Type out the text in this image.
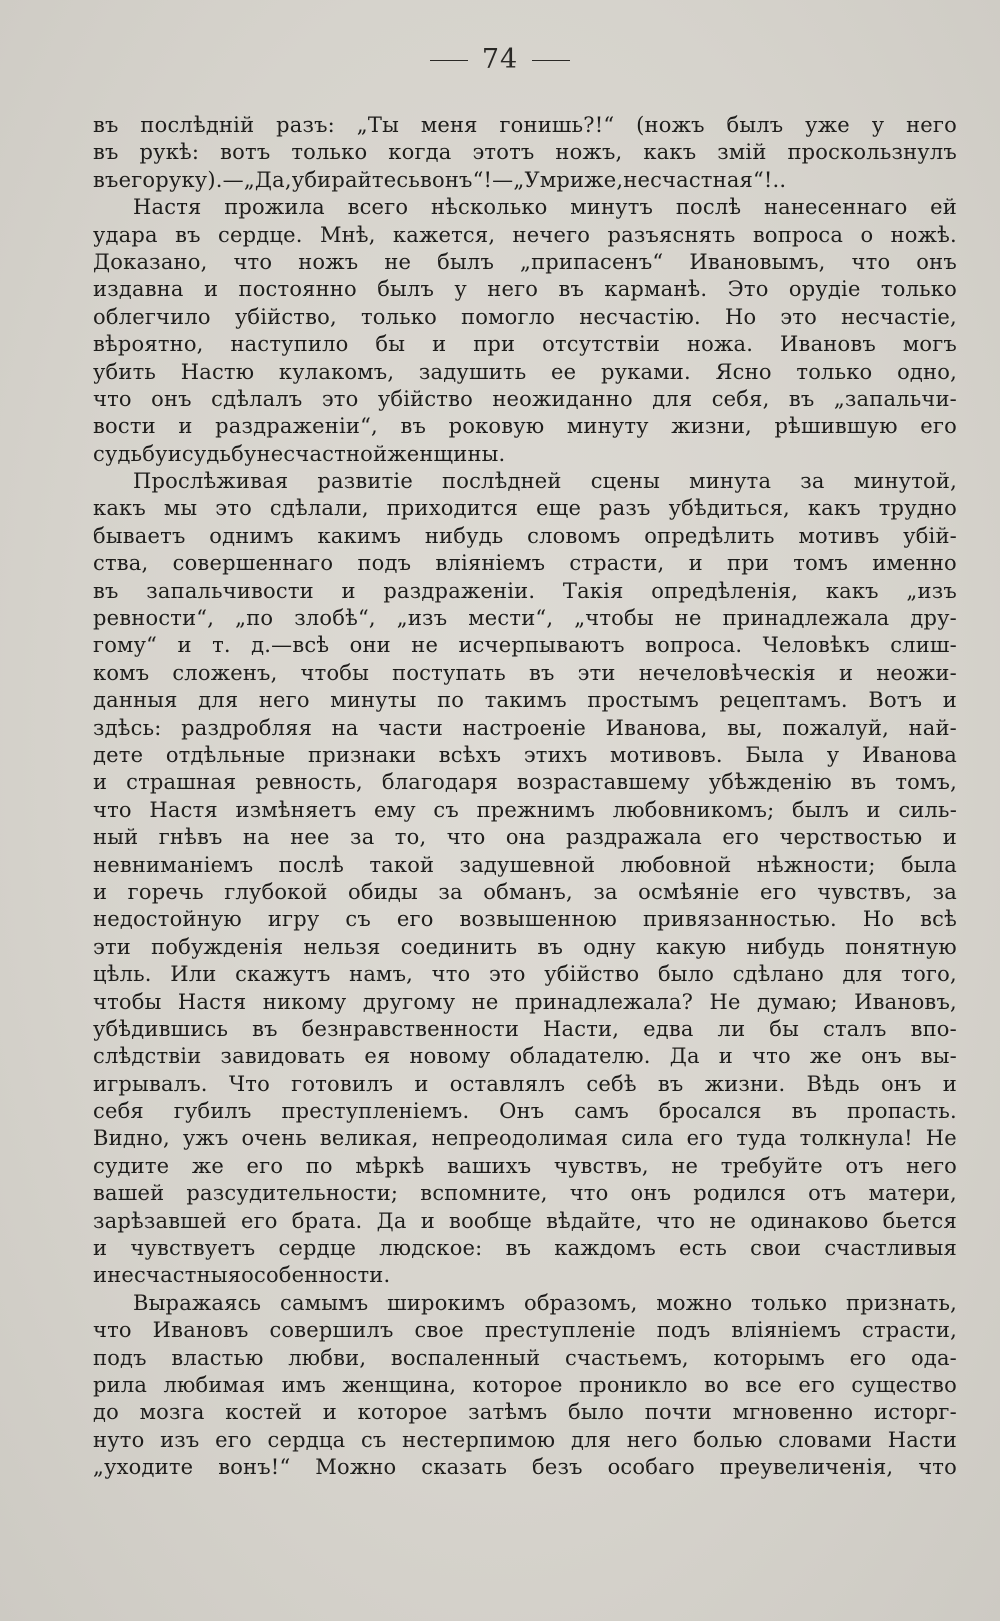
74
въ послѣдній разъ: „Ты меня гонишь?!“ (ножъ былъ уже у него
въ рукѣ: вотъ только когда этотъ ножъ, какъ змій проскользнулъ
въ его руку).—„Да, убирайтесь вонъ“!—„Умри же, несчастная“!..
Настя прожила всего нѣсколько минутъ послѣ нанесеннаго ей
удара въ сердце. Мнѣ, кажется, нечего разъяснять вопроса о ножѣ.
Доказано, что ножъ не былъ „припасенъ“ Ивановымъ, что онъ
издавна и постоянно былъ у него въ карманѣ. Это орудіе только
облегчило убійство, только помогло несчастію. Но это несчастіе,
вѣроятно, наступило бы и при отсутствіи ножа. Ивановъ могъ
убить Настю кулакомъ, задушить ее руками. Ясно только одно,
что онъ сдѣлалъ это убійство неожиданно для себя, въ „запальчи-
вости и раздраженіи“, въ роковую минуту жизни, рѣшившую его
судьбу и судьбу несчастной женщины.
Прослѣживая развитіе послѣдней сцены минута за минутой,
какъ мы это сдѣлали, приходится еще разъ убѣдиться, какъ трудно
бываетъ однимъ какимъ нибудь словомъ опредѣлить мотивъ убій-
ства, совершеннаго подъ вліяніемъ страсти, и при томъ именно
въ запальчивости и раздраженіи. Такія опредѣленія, какъ „изъ
ревности“, „по злобѣ“, „изъ мести“, „чтобы не принадлежала дру-
гому“ и т. д.—всѣ они не исчерпываютъ вопроса. Человѣкъ слиш-
комъ сложенъ, чтобы поступать въ эти нечеловѣческія и неожи-
данныя для него минуты по такимъ простымъ рецептамъ. Вотъ и
здѣсь: раздробляя на части настроеніе Иванова, вы, пожалуй, най-
дете отдѣльные признаки всѣхъ этихъ мотивовъ. Была у Иванова
и страшная ревность, благодаря возраставшему убѣжденію въ томъ,
что Настя измѣняетъ ему съ прежнимъ любовникомъ; былъ и силь-
ный гнѣвъ на нее за то, что она раздражала его черствостью и
невниманіемъ послѣ такой задушевной любовной нѣжности; была
и горечь глубокой обиды за обманъ, за осмѣяніе его чувствъ, за
недостойную игру съ его возвышенною привязанностью. Но всѣ
эти побужденія нельзя соединить въ одну какую нибудь понятную
цѣль. Или скажутъ намъ, что это убійство было сдѣлано для того,
чтобы Настя никому другому не принадлежала? Не думаю; Ивановъ,
убѣдившись въ безнравственности Насти, едва ли бы сталъ впо-
слѣдствіи завидовать ея новому обладателю. Да и что же онъ вы-
игрывалъ. Что готовилъ и оставлялъ себѣ въ жизни. Вѣдь онъ и
себя губилъ преступленіемъ. Онъ самъ бросался въ пропасть.
Видно, ужъ очень великая, непреодолимая сила его туда толкнула! Не
судите же его по мѣркѣ вашихъ чувствъ, не требуйте отъ него
вашей разсудительности; вспомните, что онъ родился отъ матери,
зарѣзавшей его брата. Да и вообще вѣдайте, что не одинаково бьется
и чувствуетъ сердце людское: въ каждомъ есть свои счастливыя
и несчастныя особенности.
Выражаясь самымъ широкимъ образомъ, можно только признать,
что Ивановъ совершилъ свое преступленіе подъ вліяніемъ страсти,
подъ властью любви, воспаленный счастьемъ, которымъ его ода-
рила любимая имъ женщина, которое проникло во все его существо
до мозга костей и которое затѣмъ было почти мгновенно исторг-
нуто изъ его сердца съ нестерпимою для него болью словами Насти
„уходите вонъ!“ Можно сказать безъ особаго преувеличенія, что
